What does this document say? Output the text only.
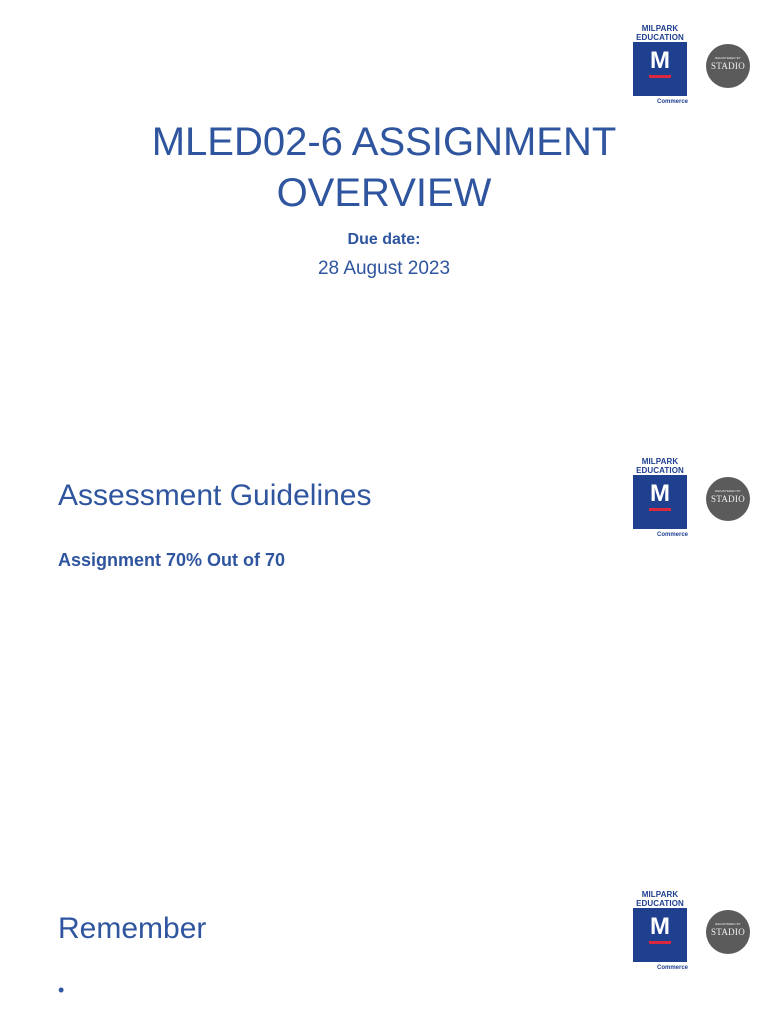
MILPARK
EDUCATION
M
Commerce
REGISTERED BY
STADIO
MLED02-6 ASSIGNMENT OVERVIEW
Due date:
28 August 2023
MILPARK
EDUCATION
M
Commerce
REGISTERED BY
STADIO
Assessment Guidelines
Assignment 70% Out of 70
MILPARK
EDUCATION
M
Commerce
REGISTERED BY
STADIO
Remember
•
